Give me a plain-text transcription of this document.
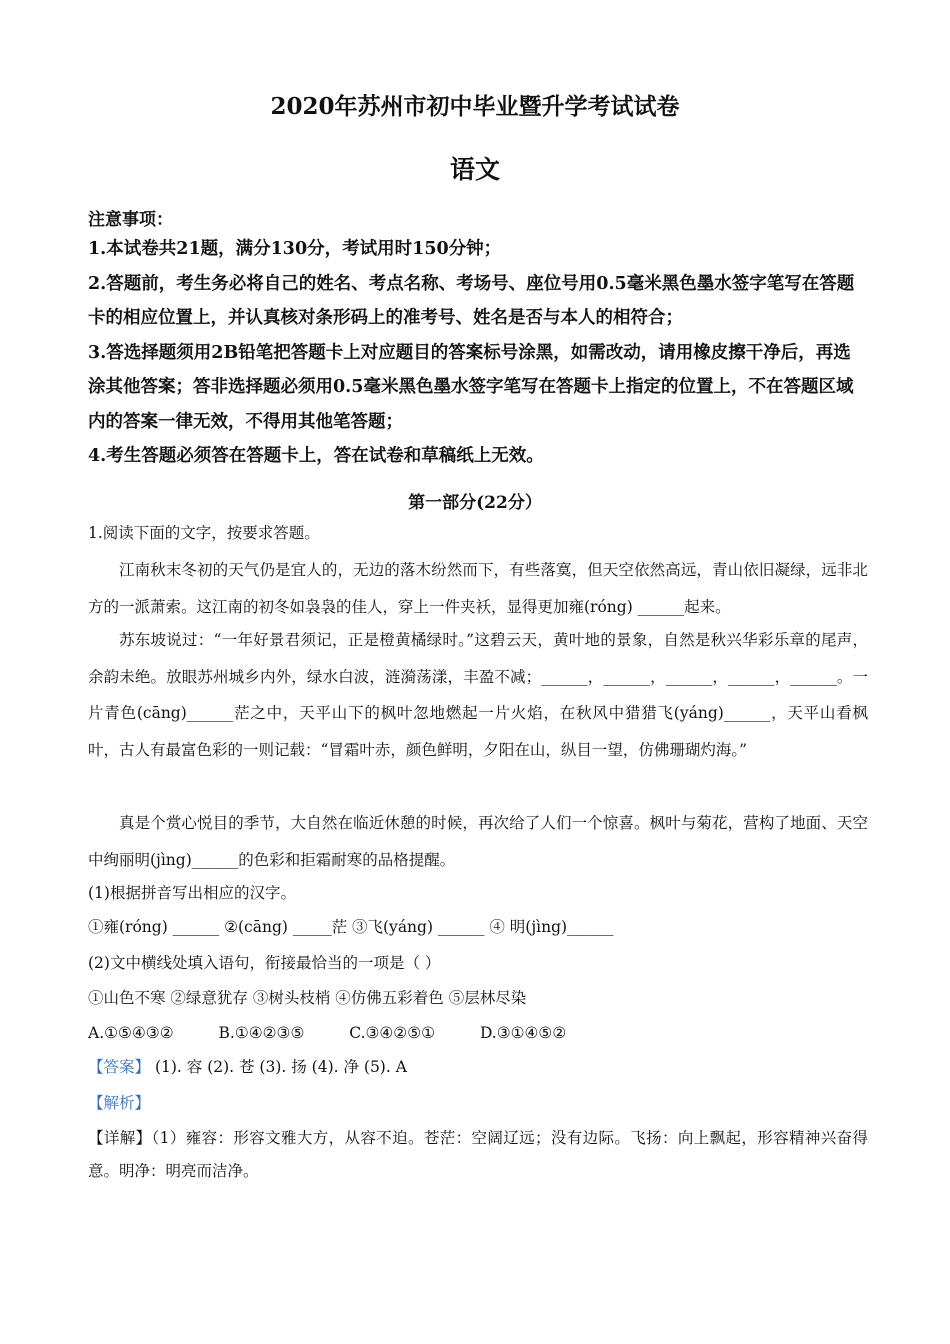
2020年苏州市初中毕业暨升学考试试卷
语文
注意事项：
1.本试卷共21题，满分130分，考试用时150分钟；
2.答题前，考生务必将自己的姓名、考点名称、考场号、座位号用0.5毫米黑色墨水签字笔写在答题卡的相应位置上，并认真核对条形码上的准考号、姓名是否与本人的相符合；
3.答选择题须用2B铅笔把答题卡上对应题目的答案标号涂黑，如需改动，请用橡皮擦干净后，再选涂其他答案；答非选择题必须用0.5毫米黑色墨水签字笔写在答题卡上指定的位置上，不在答题区域内的答案一律无效，不得用其他笔答题；
4.考生答题必须答在答题卡上，答在试卷和草稿纸上无效。
第一部分(22分）
1.阅读下面的文字，按要求答题。

江南秋末冬初的天气仍是宜人的，无边的落木纷然而下，有些落寞，但天空依然高远，青山依旧凝绿，远非北方的一派萧索。这江南的初冬如袅袅的佳人，穿上一件夹袄，显得更加雍(róng) ______起来。

苏东坡说过：“一年好景君须记，正是橙黄橘绿时。”这碧云天，黄叶地的景象，自然是秋兴华彩乐章的尾声，余韵未绝。放眼苏州城乡内外，绿水白波，涟漪荡漾，丰盈不减；______，______，______，______，______。一片青色(cāng)______茫之中，天平山下的枫叶忽地燃起一片火焰，在秋风中猎猎飞(yáng)______，天平山看枫叶，古人有最富色彩的一则记载：“冒霜叶赤，颜色鲜明，夕阳在山，纵目一望，仿佛珊瑚灼海。”

真是个赏心悦目的季节，大自然在临近休憩的时候，再次给了人们一个惊喜。枫叶与菊花，营构了地面、天空中绚丽明(jìng)______的色彩和拒霜耐寒的品格提醒。

(1)根据拼音写出相应的汉字。
①雍(róng) ______ ②(cāng) _____茫 ③飞(yáng) ______ ④ 明(jìng)______
(2)文中横线处填入语句，衔接最恰当的一项是（ ）
①山色不寒 ②绿意犹存 ③树头枝梢 ④仿佛五彩着色 ⑤层林尽染
A.①⑤④③②	B.①④②③⑤	C.③④②⑤①	D.③①④⑤②
【答案】 (1). 容 (2). 苍 (3). 扬 (4). 净 (5). A
【解析】
【详解】（1）雍容：形容文雅大方，从容不迫。苍茫：空阔辽远；没有边际。飞扬：向上飘起，形容精神兴奋得意。明净：明亮而洁净。
